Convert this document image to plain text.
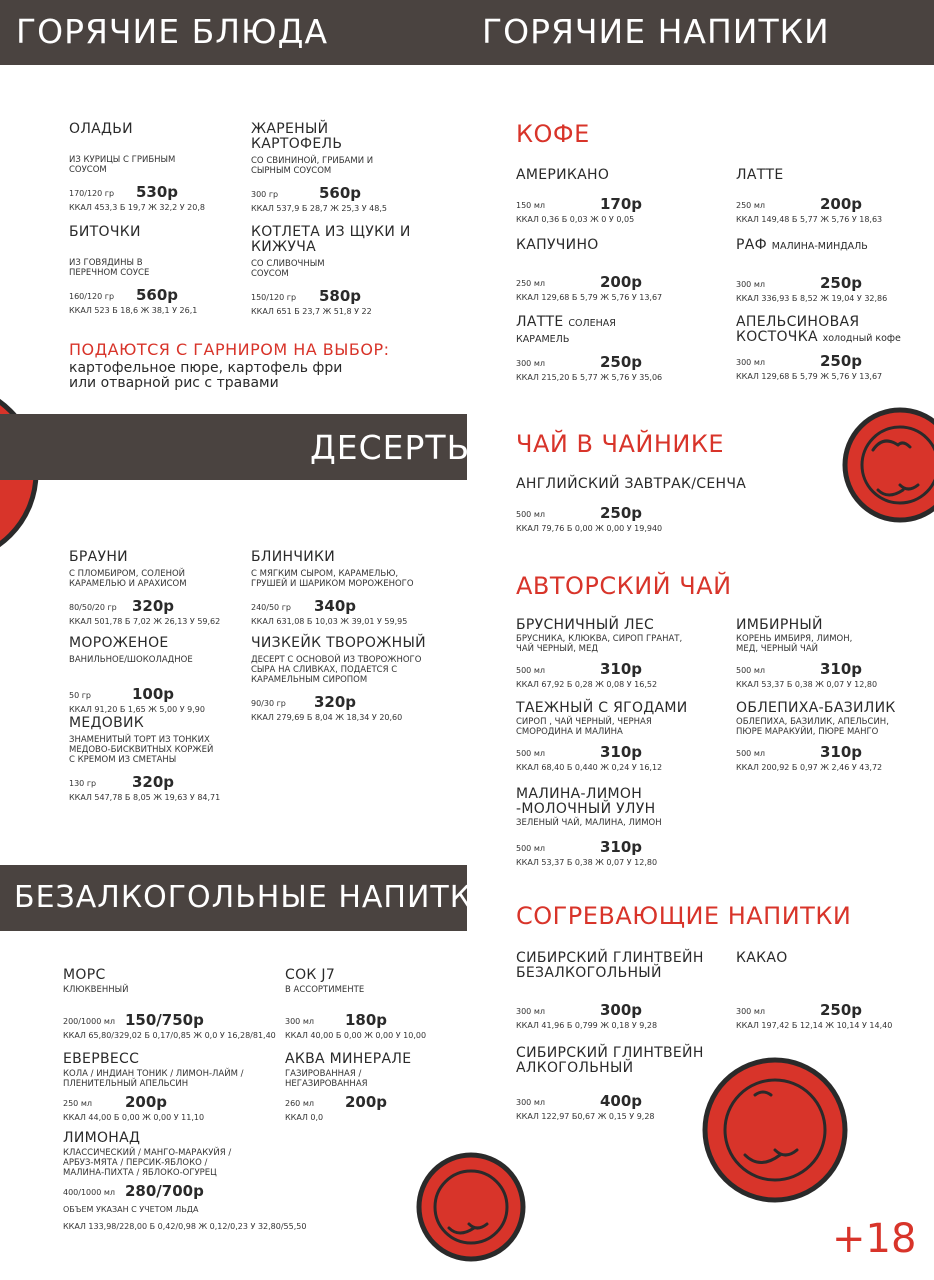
ГОРЯЧИЕ БЛЮДА	ГОРЯЧИЕ НАПИТКИ
ОЛАДЬИ
ИЗ КУРИЦЫ С ГРИБНЫМ СОУСОМ
170/120 гр 530р
ККАЛ 453,3 Б 19,7 Ж 32,2 У 20,8
ЖАРЕНЫЙ КАРТОФЕЛЬ
СО СВИНИНОЙ, ГРИБАМИ И СЫРНЫМ СОУСОМ
300 гр	560р
ККАЛ 537,9 Б 28,7 Ж 25,3 У 48,5
БИТОЧКИ
ИЗ ГОВЯДИНЫ В ПЕРЕЧНОМ СОУСЕ
160/120 гр 560р
ККАЛ 523 Б 18,6 Ж 38,1 У 26,1
КОТЛЕТА ИЗ ЩУКИ И КИЖУЧА
СО СЛИВОЧНЫМ СОУСОМ
150/120 гр 580р
ККАЛ 651 Б 23,7 Ж 51,8 У 22
ПОДАЮТСЯ С ГАРНИРОМ НА ВЫБОР:
картофельное пюре, картофель фри или отварной рис с травами
ДЕСЕРТЫ
БРАУНИ
С ПЛОМБИРОМ, СОЛЕНОЙ КАРАМЕЛЬЮ И АРАХИСОМ
80/50/20 гр 320р
ККАЛ 501,78 Б 7,02 Ж 26,13 У 59,62
БЛИНЧИКИ
С МЯГКИМ СЫРОМ, КАРАМЕЛЬЮ, ГРУШЕЙ И ШАРИКОМ МОРОЖЕНОГО
240/50 гр 340р
ККАЛ 631,08 Б 10,03 Ж 39,01 У 59,95
МОРОЖЕНОЕ
ВАНИЛЬНОЕ/ШОКОЛАДНОЕ
50 гр	100р
ККАЛ 91,20 Б 1,65 Ж 5,00 У 9,90
ЧИЗКЕЙК ТВОРОЖНЫЙ
ДЕСЕРТ С ОСНОВОЙ ИЗ ТВОРОЖНОГО СЫРА НА СЛИВКАХ, ПОДАЕТСЯ С КАРАМЕЛЬНЫМ СИРОПОМ
90/30 гр 320р
ККАЛ 279,69 Б 8,04 Ж 18,34 У 20,60
МЕДОВИК
ЗНАМЕНИТЫЙ ТОРТ ИЗ ТОНКИХ МЕДОВО-БИСКВИТНЫХ КОРЖЕЙ С КРЕМОМ ИЗ СМЕТАНЫ
130 гр 320р
ККАЛ 547,78 Б 8,05 Ж 19,63 У 84,71
БЕЗАЛКОГОЛЬНЫЕ НАПИТКИ
МОРС
КЛЮКВЕННЫЙ
200/1000 мл 150/750р
ККАЛ 65,80/329,02 Б 0,17/0,85 Ж 0,0 У 16,28/81,40
СОК J7
В АССОРТИМЕНТЕ
300 мл 180р
ККАЛ 40,00 Б 0,00 Ж 0,00 У 10,00
ЕВЕРВЕСС
КОЛА / ИНДИАН ТОНИК / ЛИМОН-ЛАЙМ / ПЛЕНИТЕЛЬНЫЙ АПЕЛЬСИН
250 мл 200р
ККАЛ 44,00 Б 0,00 Ж 0,00 У 11,10
АКВА МИНЕРАЛЕ
ГАЗИРОВАННАЯ / НЕГАЗИРОВАННАЯ
260 мл 200р
ККАЛ 0,0
ЛИМОНАД
КЛАССИЧЕСКИЙ / МАНГО-МАРАКУЙЯ / АРБУЗ-МЯТА / ПЕРСИК-ЯБЛОКО / МАЛИНА-ПИХТА / ЯБЛОКО-ОГУРЕЦ
400/1000 мл 280/700р
ОБЪЕМ УКАЗАН С УЧЕТОМ ЛЬДА
ККАЛ 133,98/228,00 Б 0,42/0,98 Ж 0,12/0,23 У 32,80/55,50
КОФЕ
АМЕРИКАНО
150 мл	170р
ККАЛ 0,36 Б 0,03 Ж 0 У 0,05
ЛАТТЕ
250 мл	200р
ККАЛ 149,48 Б 5,77 Ж 5,76 У 18,63
КАПУЧИНО
250 мл	200р
ККАЛ 129,68 Б 5,79 Ж 5,76 У 13,67
РАФ МАЛИНА-МИНДАЛЬ
300 мл	250р
ККАЛ 336,93 Б 8,52 Ж 19,04 У 32,86
ЛАТТЕ СОЛЕНАЯ КАРАМЕЛЬ
300 мл	250р
ККАЛ 215,20 Б 5,77 Ж 5,76 У 35,06
АПЕЛЬСИНОВАЯ КОСТОЧКА холодный кофе
300 мл	250р
ККАЛ 129,68 Б 5,79 Ж 5,76 У 13,67
ЧАЙ В ЧАЙНИКЕ
АНГЛИЙСКИЙ ЗАВТРАК/СЕНЧА
500 мл	250р
ККАЛ 79,76 Б 0,00 Ж 0,00 У 19,940
АВТОРСКИЙ ЧАЙ
БРУСНИЧНЫЙ ЛЕС
БРУСНИКА, КЛЮКВА, СИРОП ГРАНАТ, ЧАЙ ЧЕРНЫЙ, МЕД
500 мл	310р
ККАЛ 67,92 Б 0,28 Ж 0,08 У 16,52
ИМБИРНЫЙ
КОРЕНЬ ИМБИРЯ, ЛИМОН, МЕД, ЧЕРНЫЙ ЧАЙ
500 мл	310р
ККАЛ 53,37 Б 0,38 Ж 0,07 У 12,80
ТАЕЖНЫЙ С ЯГОДАМИ
СИРОП , ЧАЙ ЧЕРНЫЙ, ЧЕРНАЯ СМОРОДИНА И МАЛИНА
500 мл	310р
ККАЛ 68,40 Б 0,440 Ж 0,24 У 16,12
ОБЛЕПИХА-БАЗИЛИК
ОБЛЕПИХА, БАЗИЛИК, АПЕЛЬСИН, ПЮРЕ МАРАКУЙИ, ПЮРЕ МАНГО
500 мл	310р
ККАЛ 200,92 Б 0,97 Ж 2,46 У 43,72
МАЛИНА-ЛИМОН -МОЛОЧНЫЙ УЛУН
ЗЕЛЕНЫЙ ЧАЙ, МАЛИНА, ЛИМОН
500 мл	310р
ККАЛ 53,37 Б 0,38 Ж 0,07 У 12,80
СОГРЕВАЮЩИЕ НАПИТКИ
СИБИРСКИЙ ГЛИНТВЕЙН БЕЗАЛКОГОЛЬНЫЙ
300 мл	300р
ККАЛ 41,96 Б 0,799 Ж 0,18 У 9,28
КАКАО
300 мл	250р
ККАЛ 197,42 Б 12,14 Ж 10,14 У 14,40
СИБИРСКИЙ ГЛИНТВЕЙН АЛКОГОЛЬНЫЙ
300 мл	400р
ККАЛ 122,97 Б0,67 Ж 0,15 У 9,28
+18
